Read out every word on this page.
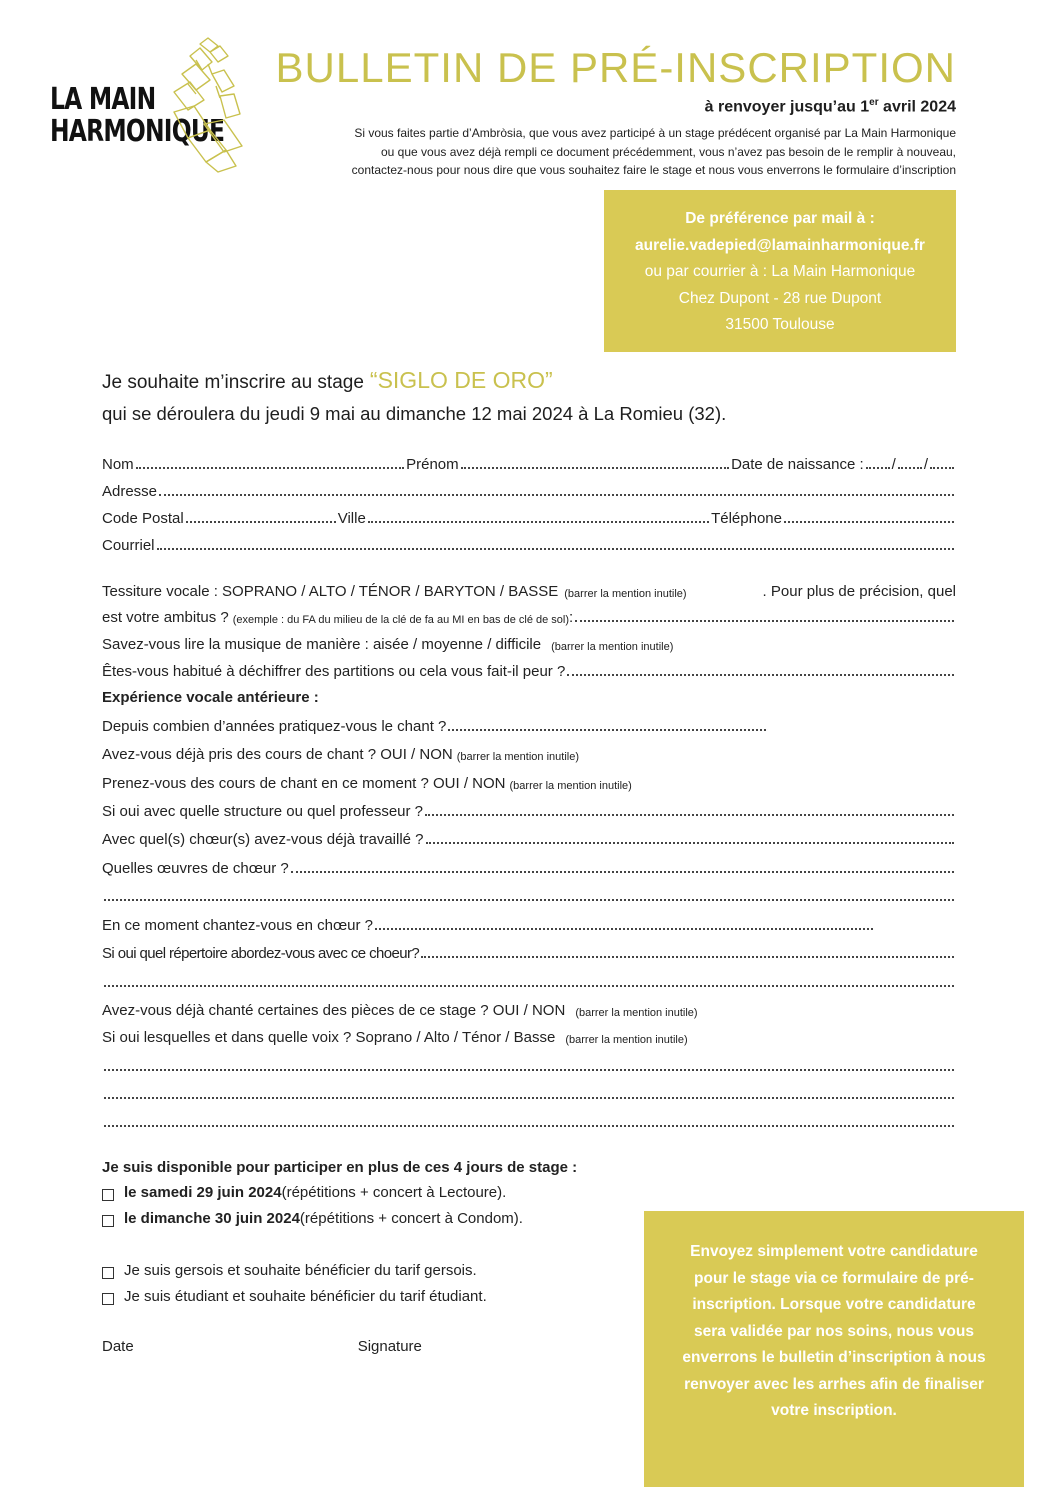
LA MAIN
HARMONIQUE
BULLETIN DE PRÉ-INSCRIPTION
à renvoyer jusqu’au 1er avril 2024
Si vous faites partie d’Ambròsia, que vous avez participé à un stage prédécent organisé par La Main Harmonique
ou que vous avez déjà rempli ce document précédemment, vous n’avez pas besoin de le remplir à nouveau,
contactez-nous pour nous dire que vous souhaitez faire le stage et nous vous enverrons le formulaire d’inscription
De préférence par mail à :
aurelie.vadepied@lamainharmonique.fr
ou par courrier à : La Main Harmonique
Chez Dupont - 28 rue Dupont
31500 Toulouse
Je souhaite m’inscrire au stage “SIGLO DE ORO”
qui se déroulera du jeudi 9 mai au dimanche 12 mai 2024 à La Romieu (32).
Nom	Prénom	Date de naissance : / /
Adresse
Code Postal	Ville	Téléphone
Courriel
Tessiture vocale : SOPRANO / ALTO / TÉNOR / BARYTON / BASSE (barrer la mention inutile)	. Pour plus de précision, quel
est votre ambitus ? (exemple : du FA du milieu de la clé de fa au MI en bas de clé de sol) :
Savez-vous lire la musique de manière : aisée / moyenne / difficile (barrer la mention inutile)
Êtes-vous habitué à déchiffrer des partitions ou cela vous fait-il peur ?
Expérience vocale antérieure :
Depuis combien d’années pratiquez-vous le chant ?
Avez-vous déjà pris des cours de chant ? OUI / NON (barrer la mention inutile)
Prenez-vous des cours de chant en ce moment ? OUI / NON (barrer la mention inutile)
Si oui avec quelle structure ou quel professeur ?
Avec quel(s) chœur(s) avez-vous déjà travaillé ?
Quelles œuvres de chœur ?
En ce moment chantez-vous en chœur ?
Si oui quel répertoire abordez-vous avec ce choeur?
Avez-vous déjà chanté certaines des pièces de ce stage ? OUI / NON (barrer la mention inutile)
Si oui lesquelles et dans quelle voix ? Soprano / Alto / Ténor / Basse (barrer la mention inutile)
Je suis disponible pour participer en plus de ces 4 jours de stage :
le samedi 29 juin 2024 (répétitions + concert à Lectoure).
le dimanche 30 juin 2024 (répétitions + concert à Condom).
Je suis gersois et souhaite bénéficier du tarif gersois.
Je suis étudiant et souhaite bénéficier du tarif étudiant.
Date	Signature
Envoyez simplement votre candidature
pour le stage via ce formulaire de pré-
inscription. Lorsque votre candidature
sera validée par nos soins, nous vous
enverrons le bulletin d’inscription à nous
renvoyer avec les arrhes afin de finaliser
votre inscription.
